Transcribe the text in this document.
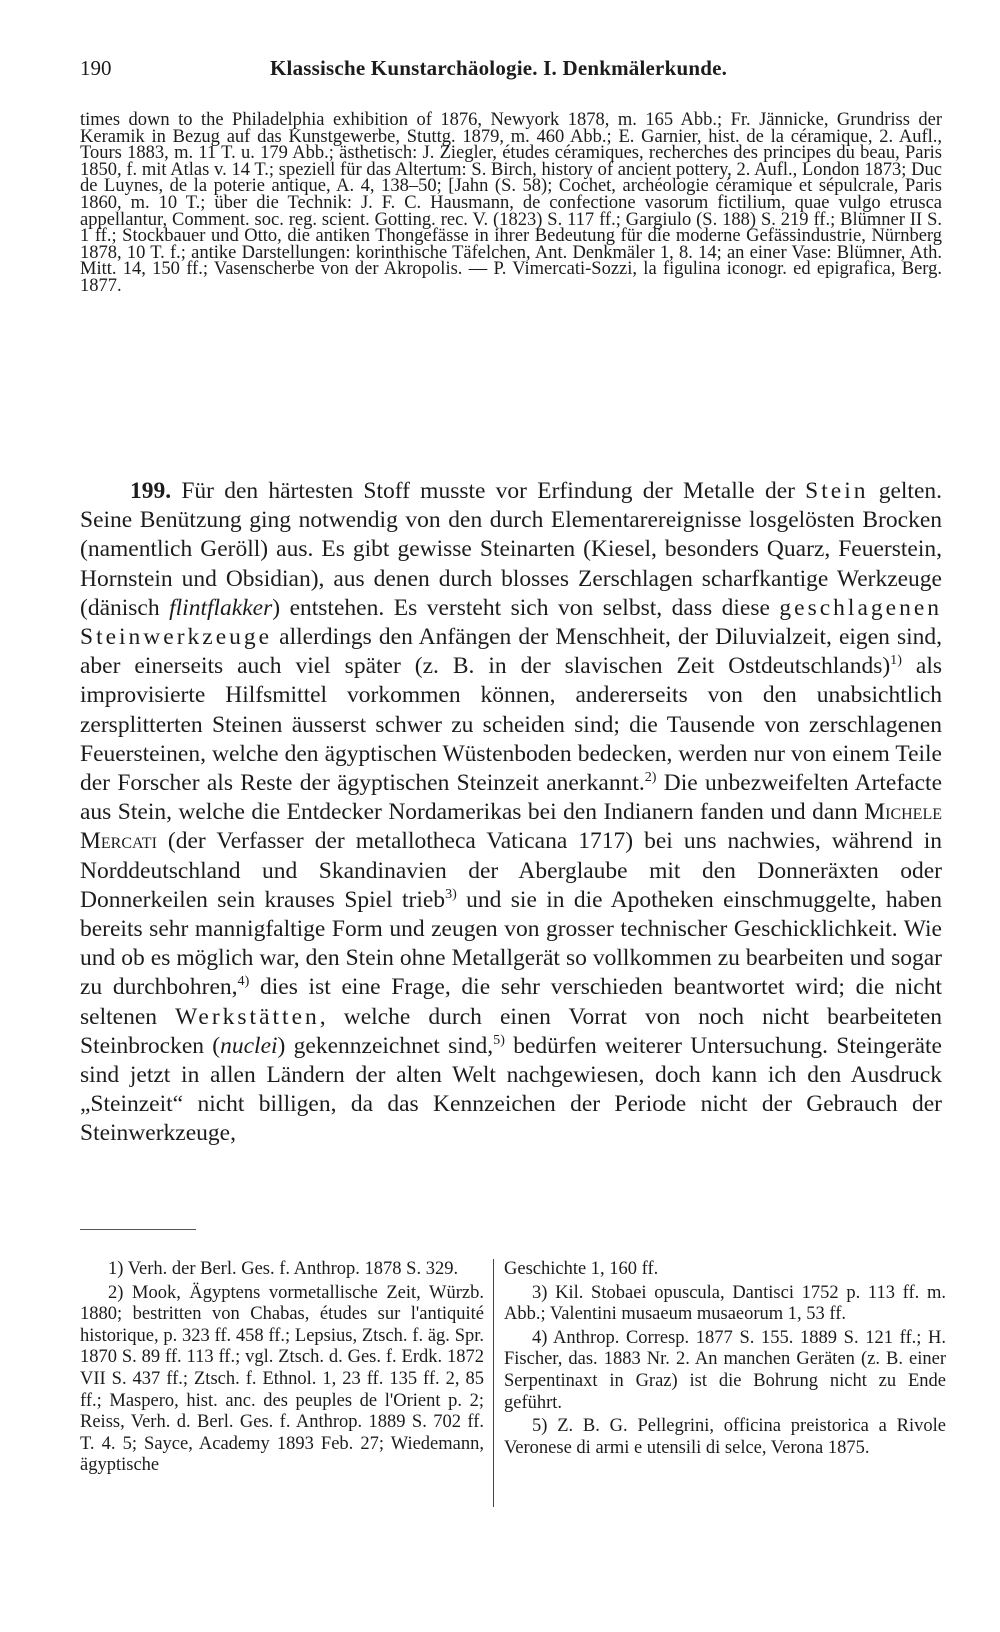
190	Klassische Kunstarchäologie. I. Denkmälerkunde.

times down to the Philadelphia exhibition of 1876, Newyork 1878, m. 165 Abb.; Fr. Jännicke, Grundriss der Keramik in Bezug auf das Kunstgewerbe, Stuttg. 1879, m. 460 Abb.; E. Garnier, hist. de la céramique, 2. Aufl., Tours 1883, m. 11 T. u. 179 Abb.; ästhetisch: J. Ziegler, études céramiques, recherches des principes du beau, Paris 1850, f. mit Atlas v. 14 T.; speziell für das Altertum: S. Birch, history of ancient pottery, 2. Aufl., London 1873; Duc de Luynes, de la poterie antique, A. 4, 138–50; [Jahn (S. 58); Cochet, archéologie céramique et sépulcrale, Paris 1860, m. 10 T.; über die Technik: J. F. C. Hausmann, de confectione vasorum fictilium, quae vulgo etrusca appellantur, Comment. soc. reg. scient. Gotting. rec. V. (1823) S. 117 ff.; Gargiulo (S. 188) S. 219 ff.; Blümner II S. 1 ff.; Stockbauer und Otto, die antiken Thongefässe in ihrer Bedeutung für die moderne Gefässindustrie, Nürnberg 1878, 10 T. f.; antike Darstellungen: korinthische Täfelchen, Ant. Denkmäler 1, 8. 14; an einer Vase: Blümner, Ath. Mitt. 14, 150 ff.; Vasenscherbe von der Akropolis. — P. Vimercati-Sozzi, la figulina iconogr. ed epigrafica, Berg. 1877.

199. Für den härtesten Stoff musste vor Erfindung der Metalle der Stein gelten. Seine Benützung ging notwendig von den durch Elementarereignisse losgelösten Brocken (namentlich Geröll) aus. Es gibt gewisse Steinarten (Kiesel, besonders Quarz, Feuerstein, Hornstein und Obsidian), aus denen durch blosses Zerschlagen scharfkantige Werkzeuge (dänisch flintflakker) entstehen. Es versteht sich von selbst, dass diese geschlagenen Steinwerkzeuge allerdings den Anfängen der Menschheit, der Diluvialzeit, eigen sind, aber einerseits auch viel später (z. B. in der slavischen Zeit Ostdeutschlands)$^{1)}$ als improvisierte Hilfsmittel vorkommen können, andererseits von den unabsichtlich zersplitterten Steinen äusserst schwer zu scheiden sind; die Tausende von zerschlagenen Feuersteinen, welche den ägyptischen Wüstenboden bedecken, werden nur von einem Teile der Forscher als Reste der ägyptischen Steinzeit anerkannt.$^{2)}$ Die unbezweifelten Artefacte aus Stein, welche die Entdecker Nordamerikas bei den Indianern fanden und dann Michele Mercati (der Verfasser der metallotheca Vaticana 1717) bei uns nachwies, während in Norddeutschland und Skandinavien der Aberglaube mit den Donneräxten oder Donnerkeilen sein krauses Spiel trieb$^{3)}$ und sie in die Apotheken einschmuggelte, haben bereits sehr mannigfaltige Form und zeugen von grosser technischer Geschicklichkeit. Wie und ob es möglich war, den Stein ohne Metallgerät so vollkommen zu bearbeiten und sogar zu durchbohren,$^{4)}$ dies ist eine Frage, die sehr verschieden beantwortet wird; die nicht seltenen Werkstätten, welche durch einen Vorrat von noch nicht bearbeiteten Steinbrocken (nuclei) gekennzeichnet sind,$^{5)}$ bedürfen weiterer Untersuchung. Steingeräte sind jetzt in allen Ländern der alten Welt nachgewiesen, doch kann ich den Ausdruck „Steinzeit“ nicht billigen, da das Kennzeichen der Periode nicht der Gebrauch der Steinwerkzeuge,

1) Verh. der Berl. Ges. f. Anthrop. 1878 S. 329.

2) Mook, Ägyptens vormetallische Zeit, Würzb. 1880; bestritten von Chabas, études sur l'antiquité historique, p. 323 ff. 458 ff.; Lepsius, Ztsch. f. äg. Spr. 1870 S. 89 ff. 113 ff.; vgl. Ztsch. d. Ges. f. Erdk. 1872 VII S. 437 ff.; Ztsch. f. Ethnol. 1, 23 ff. 135 ff. 2, 85 ff.; Maspero, hist. anc. des peuples de l'Orient p. 2; Reiss, Verh. d. Berl. Ges. f. Anthrop. 1889 S. 702 ff. T. 4. 5; Sayce, Academy 1893 Feb. 27; Wiedemann, ägyptische

Geschichte 1, 160 ff.

3) Kil. Stobaei opuscula, Dantisci 1752 p. 113 ff. m. Abb.; Valentini musaeum musaeorum 1, 53 ff.

4) Anthrop. Corresp. 1877 S. 155. 1889 S. 121 ff.; H. Fischer, das. 1883 Nr. 2. An manchen Geräten (z. B. einer Serpentinaxt in Graz) ist die Bohrung nicht zu Ende geführt.

5) Z. B. G. Pellegrini, officina preistorica a Rivole Veronese di armi e utensili di selce, Verona 1875.
